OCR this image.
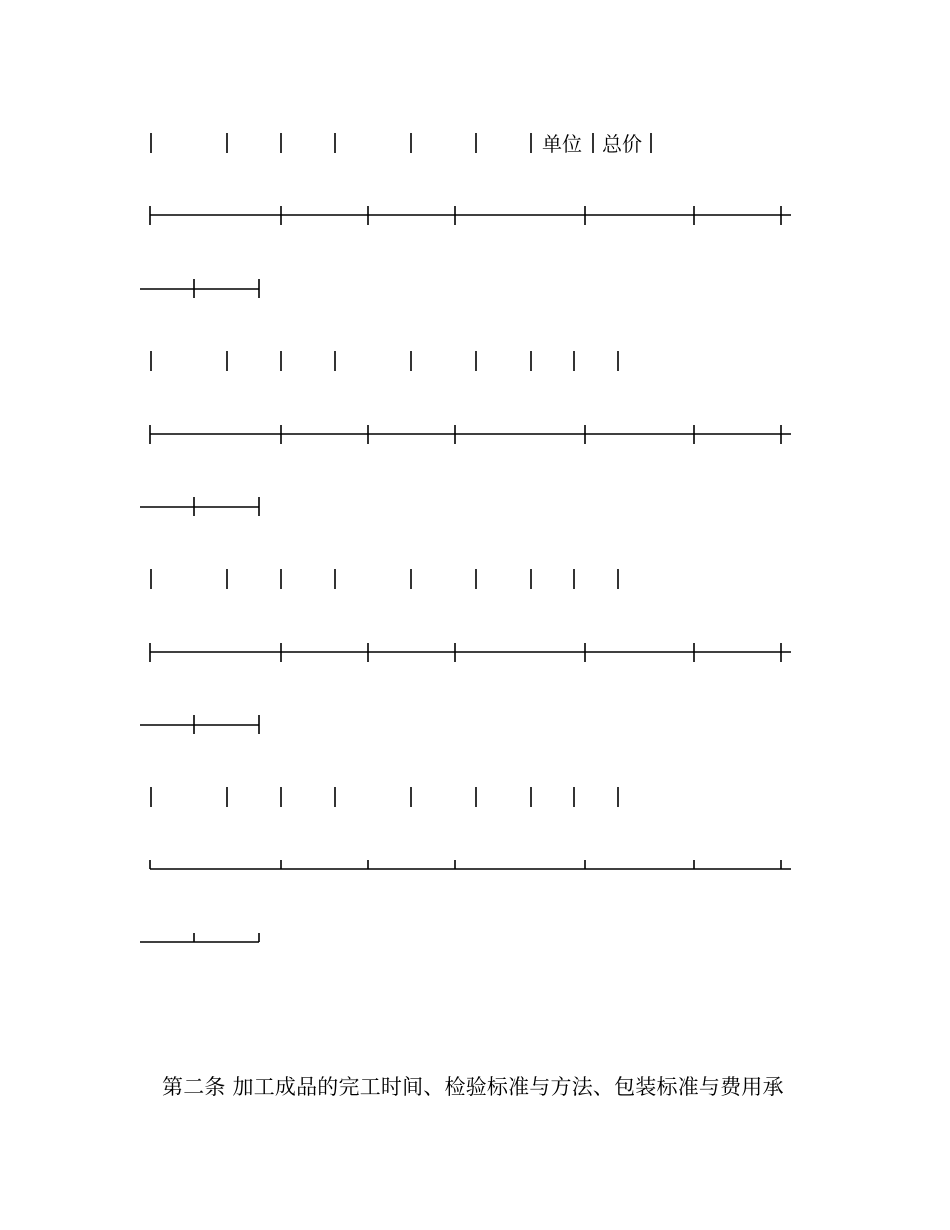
单位 总价
第二条 加工成品的完工时间、检验标准与方法、包装标准与费用承
